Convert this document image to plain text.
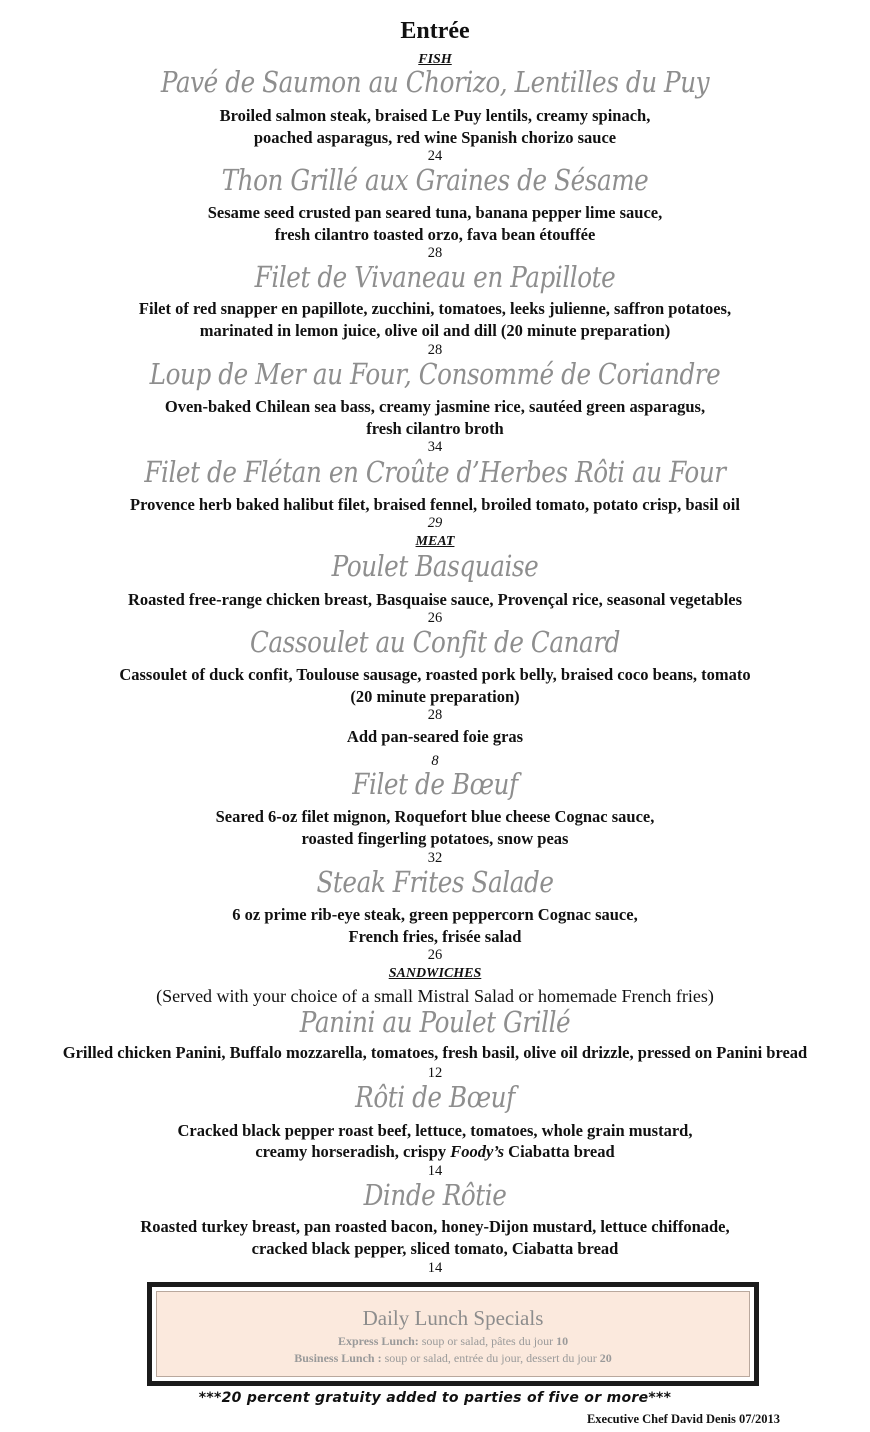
Entrée
FISH
Pavé de Saumon au Chorizo, Lentilles du Puy
Broiled salmon steak, braised Le Puy lentils, creamy spinach,
poached asparagus, red wine Spanish chorizo sauce
24
Thon Grillé aux Graines de Sésame
Sesame seed crusted pan seared tuna, banana pepper lime sauce,
fresh cilantro toasted orzo, fava bean étouffée
28
Filet de Vivaneau en Papillote
Filet of red snapper en papillote, zucchini, tomatoes, leeks julienne, saffron potatoes,
marinated in lemon juice, olive oil and dill (20 minute preparation)
28
Loup de Mer au Four, Consommé de Coriandre
Oven-baked Chilean sea bass, creamy jasmine rice, sautéed green asparagus,
fresh cilantro broth
34
Filet de Flétan en Croûte d’Herbes Rôti au Four
Provence herb baked halibut filet, braised fennel, broiled tomato, potato crisp, basil oil
29
MEAT
Poulet Basquaise
Roasted free-range chicken breast, Basquaise sauce, Provençal rice, seasonal vegetables
26
Cassoulet au Confit de Canard
Cassoulet of duck confit, Toulouse sausage, roasted pork belly, braised coco beans, tomato
(20 minute preparation)
28
Add pan-seared foie gras
8
Filet de Bœuf
Seared 6-oz filet mignon, Roquefort blue cheese Cognac sauce,
roasted fingerling potatoes, snow peas
32
Steak Frites Salade
6 oz prime rib-eye steak, green peppercorn Cognac sauce,
French fries, frisée salad
26
SANDWICHES
(Served with your choice of a small Mistral Salad or homemade French fries)
Panini au Poulet Grillé
Grilled chicken Panini, Buffalo mozzarella, tomatoes, fresh basil, olive oil drizzle, pressed on Panini bread
12
Rôti de Bœuf
Cracked black pepper roast beef, lettuce, tomatoes, whole grain mustard,
creamy horseradish, crispy Foody’s Ciabatta bread
14
Dinde Rôtie
Roasted turkey breast, pan roasted bacon, honey-Dijon mustard, lettuce chiffonade,
cracked black pepper, sliced tomato, Ciabatta bread
14
Daily Lunch Specials
Express Lunch: soup or salad, pâtes du jour 10
Business Lunch : soup or salad, entrée du jour, dessert du jour 20
***20 percent gratuity added to parties of five or more***
Executive Chef David Denis 07/2013
